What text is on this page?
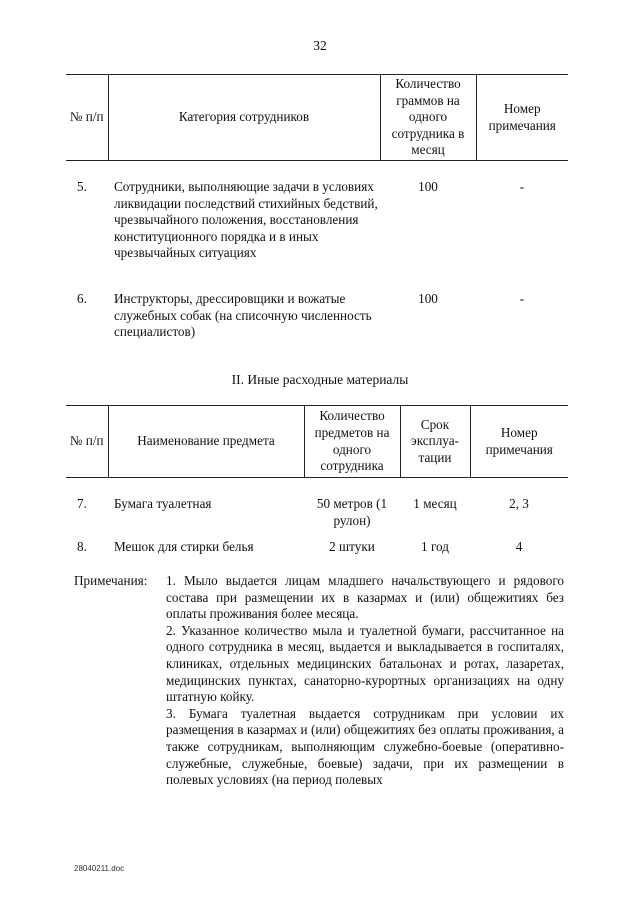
32
№ п/п	Категория сотрудников	Количество граммов на одного сотрудника в месяц	Номер примечания

5.	Сотрудники, выполняющие задачи в условиях ликвидации последствий стихийных бедствий, чрезвычайного положения, восстановления конституционного порядка и в иных чрезвычайных ситуациях	100	-
6.	Инструкторы, дрессировщики и вожатые служебных собак (на списочную численность специалистов)	100	-
II. Иные расходные материалы
№ п/п	Наименование предмета	Количество предметов на одного сотрудника	Срок эксплуа-тации	Номер примечания

7.	Бумага туалетная	50 метров (1 рулон)	1 месяц	2, 3
8.	Мешок для стирки белья	2 штуки	1 год	4
Примечания:	1. Мыло выдается лицам младшего начальствующего и рядового состава при размещении их в казармах и (или) общежитиях без оплаты проживания более месяца.

2. Указанное количество мыла и туалетной бумаги, рассчитанное на одного сотрудника в месяц, выдается и выкладывается в госпиталях, клиниках, отдельных медицинских батальонах и ротах, лазаретах, медицинских пунктах, санаторно-курортных организациях на одну штатную койку.

3. Бумага туалетная выдается сотрудникам при условии их размещения в казармах и (или) общежитиях без оплаты проживания, а также сотрудникам, выполняющим служебно-боевые (оперативно-служебные, служебные, боевые) задачи, при их размещении в полевых условиях (на период полевых

28040211.doc
